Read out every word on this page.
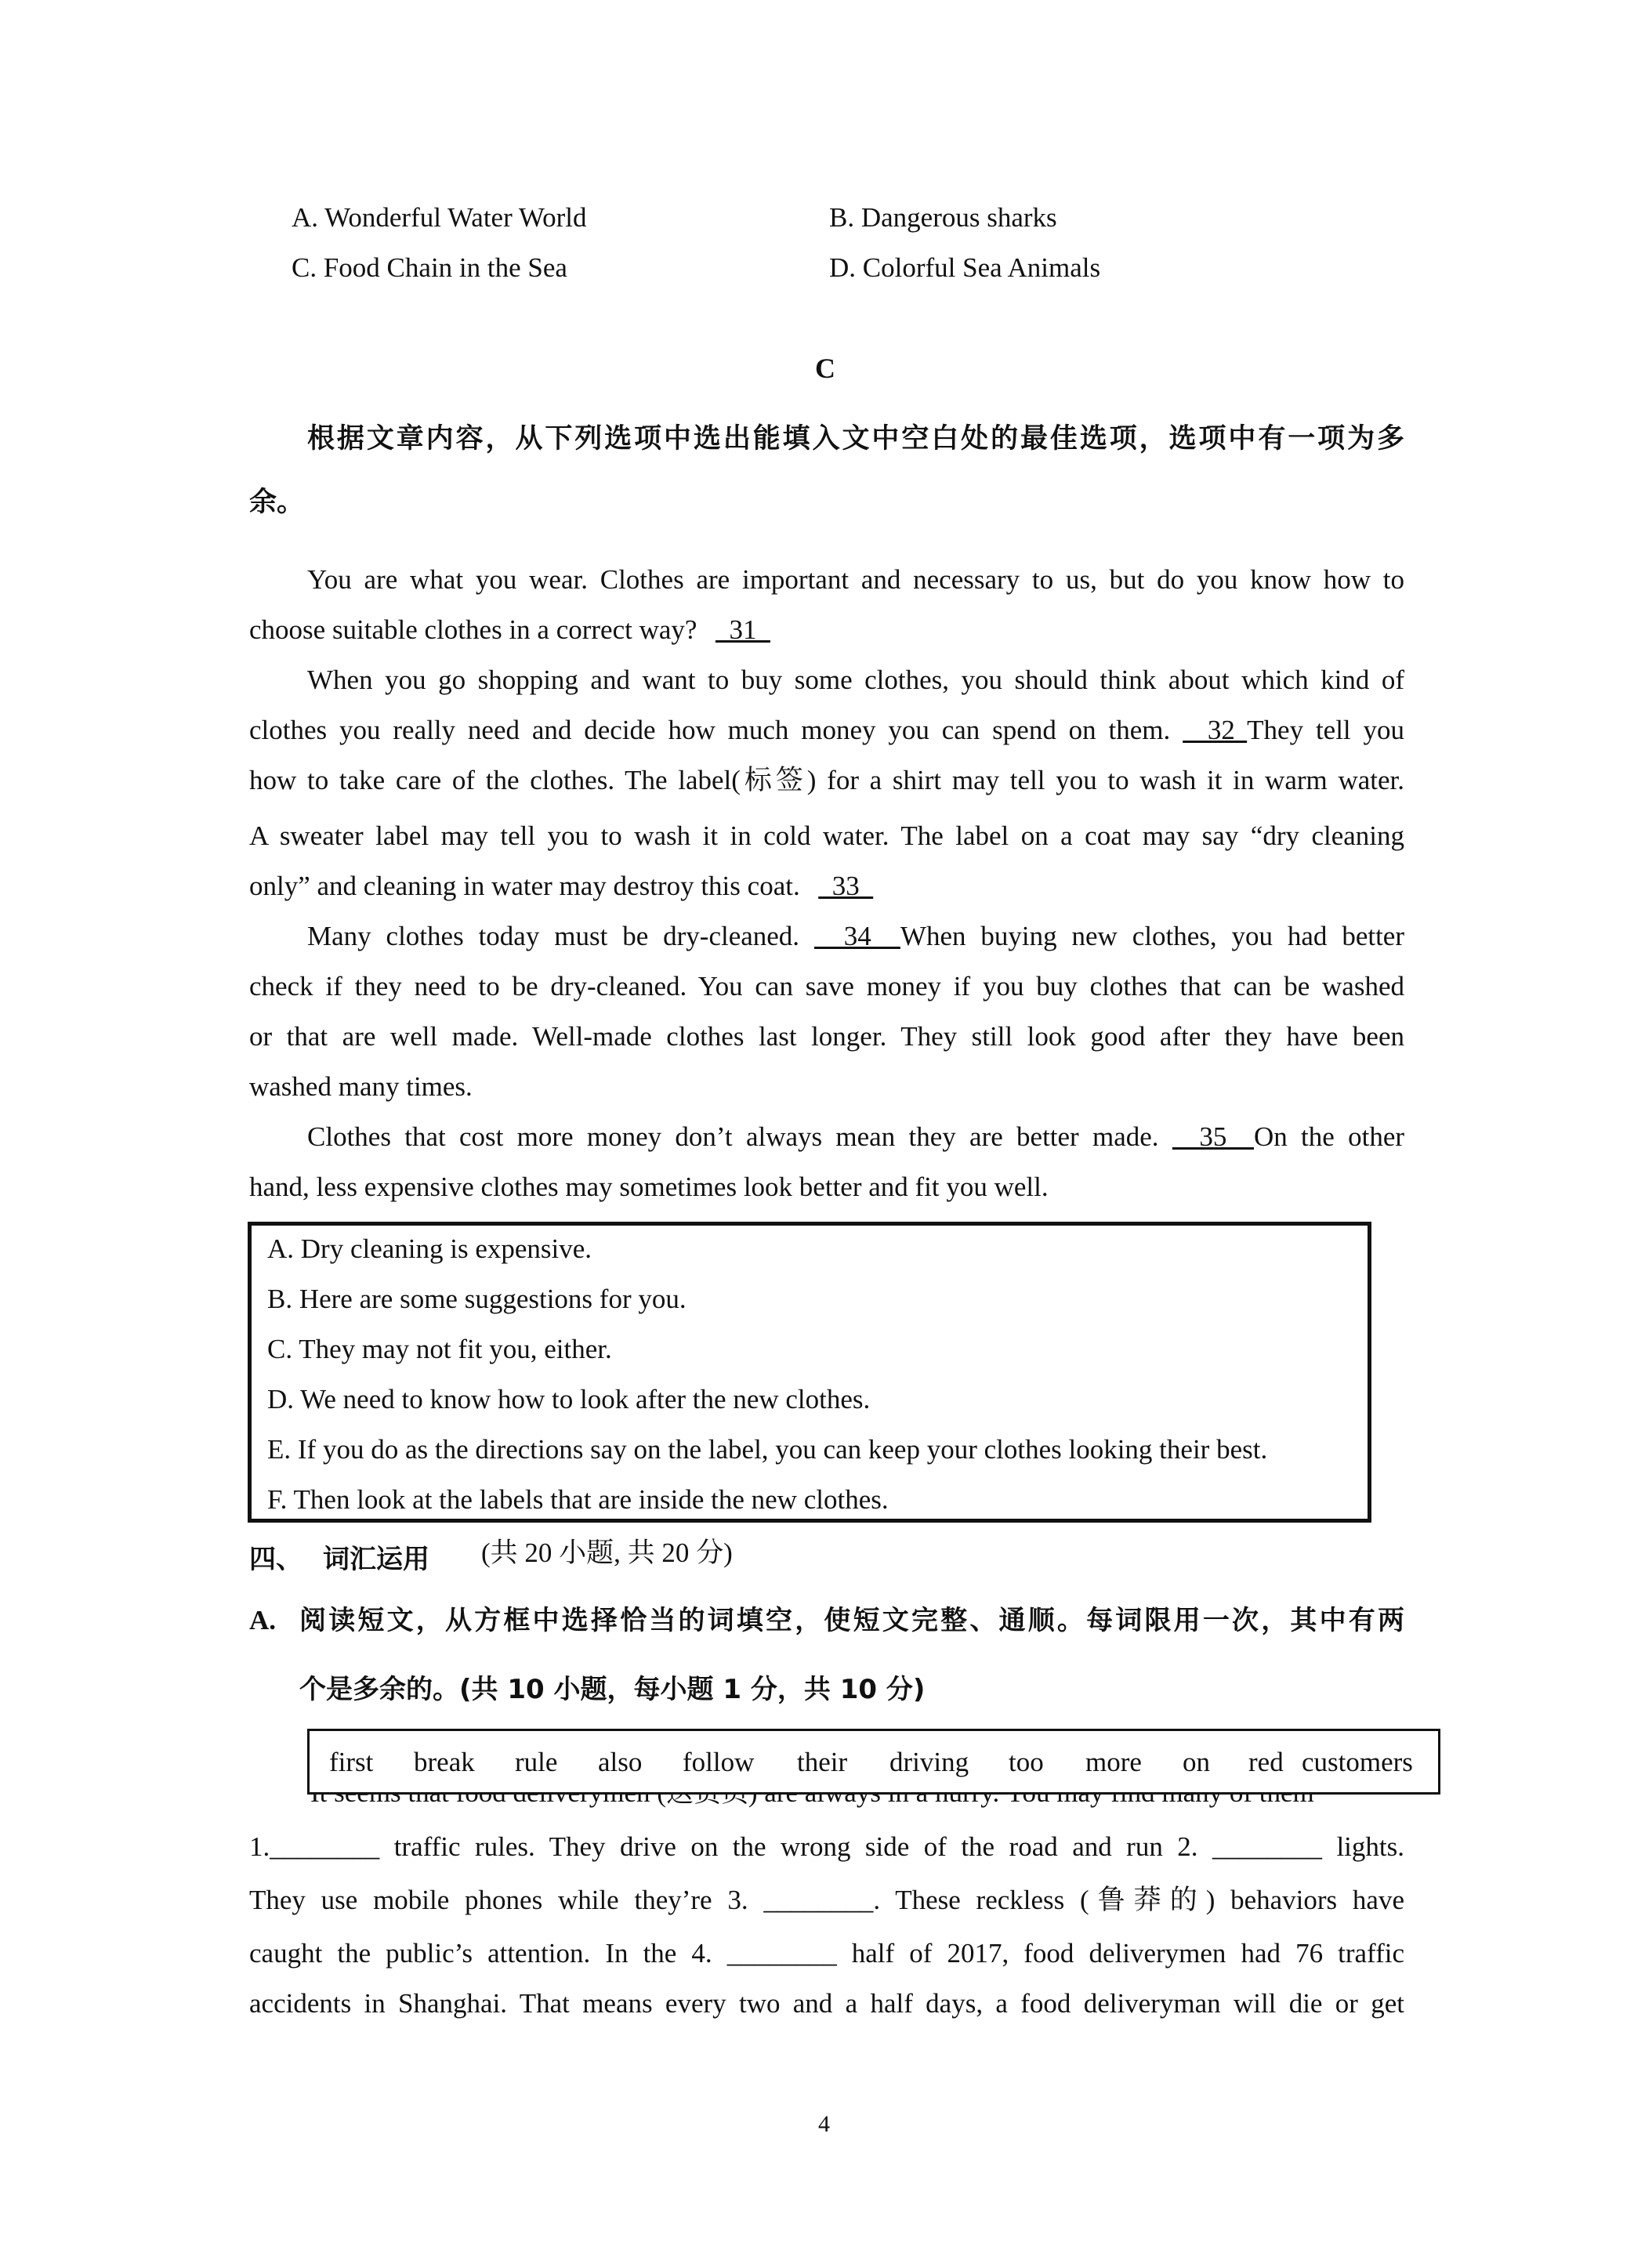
A. Wonderful Water World	B. Dangerous sharks
C. Food Chain in the Sea	D. Colorful Sea Animals
C
根据文章内容，从下列选项中选出能填入文中空白处的最佳选项，选项中有一项为多
余。
You are what you wear. Clothes are important and necessary to us, but do you know how to
choose suitable clothes in a correct way?    31
When you go shopping and want to buy some clothes, you should think about which kind of
clothes you really need and decide how much money you can spend on them.   32 They tell you
how to take care of the clothes. The label(标签) for a shirt may tell you to wash it in warm water.
A sweater label may tell you to wash it in cold water. The label on a coat may say “dry cleaning
only” and cleaning in water may destroy this coat.    33
Many clothes today must be dry-cleaned.   34  When buying new clothes, you had better
check if they need to be dry-cleaned. You can save money if you buy clothes that can be washed
or that are well made. Well-made clothes last longer. They still look good after they have been
washed many times.
Clothes that cost more money don’t always mean they are better made.   35  On the other
hand, less expensive clothes may sometimes look better and fit you well.
A. Dry cleaning is expensive.
B. Here are some suggestions for you.
C. They may not fit you, either.
D. We need to know how to look after the new clothes.
E. If you do as the directions say on the label, you can keep your clothes looking their best.
F. Then look at the labels that are inside the new clothes.
四、 词汇运用 (共 20 小题, 共 20 分)
A. 阅读短文，从方框中选择恰当的词填空，使短文完整、通顺。每词限用一次，其中有两
个是多余的。(共 10 小题，每小题 1 分，共 10 分)
first break rule also follow their driving too more on red customers
1.________ traffic rules. They drive on the wrong side of the road and run 2. ________ lights.
They use mobile phones while they’re 3. ________. These reckless (鲁莽的) behaviors have
caught the public’s attention. In the 4. ________ half of 2017, food deliverymen had 76 traffic
accidents in Shanghai. That means every two and a half days, a food deliveryman will die or get
4
